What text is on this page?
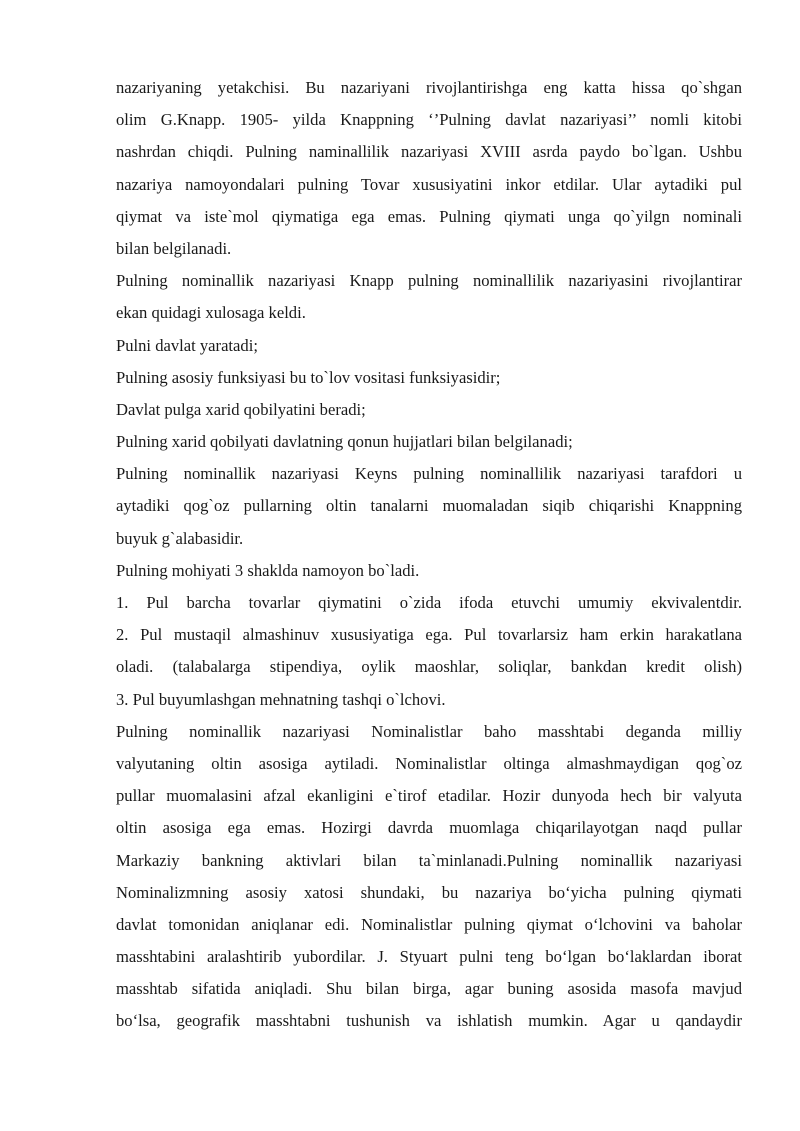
nazariyaning yetakchisi. Bu nazariyani rivojlantirishga eng katta hissa qo`shgan
olim G.Knapp. 1905- yilda Knappning ‘’Pulning davlat nazariyasi’’ nomli kitobi
nashrdan chiqdi. Pulning naminallilik nazariyasi XVIII asrda paydo bo`lgan. Ushbu
nazariya namoyondalari pulning Tovar xususiyatini inkor etdilar. Ular aytadiki pul
qiymat va iste`mol qiymatiga ega emas. Pulning qiymati unga qo`yilgn nominali
bilan belgilanadi.
Pulning nominallik nazariyasi Knapp pulning nominallilik nazariyasini rivojlantirar
ekan quidagi xulosaga keldi.
Pulni davlat yaratadi;
Pulning asosiy funksiyasi bu to`lov vositasi funksiyasidir;
Davlat pulga xarid qobilyatini beradi;
Pulning xarid qobilyati davlatning qonun hujjatlari bilan belgilanadi;
Pulning nominallik nazariyasi Keyns pulning nominallilik nazariyasi tarafdori u
aytadiki qog`oz pullarning oltin tanalarni muomaladan siqib chiqarishi Knappning
buyuk g`alabasidir.
Pulning mohiyati 3 shaklda namoyon bo`ladi.
1. Pul barcha tovarlar qiymatini o`zida ifoda etuvchi umumiy ekvivalentdir.
2. Pul mustaqil almashinuv xususiyatiga ega. Pul tovarlarsiz ham erkin harakatlana
oladi. (talabalarga stipendiya, oylik maoshlar, soliqlar, bankdan kredit olish)
3. Pul buyumlashgan mehnatning tashqi o`lchovi.
Pulning nominallik nazariyasi Nominalistlar baho masshtabi deganda milliy
valyutaning oltin asosiga aytiladi. Nominalistlar oltinga almashmaydigan qog`oz
pullar muomalasini afzal ekanligini e`tirof etadilar. Hozir dunyoda hech bir valyuta
oltin asosiga ega emas. Hozirgi davrda muomlaga chiqarilayotgan naqd pullar
Markaziy bankning aktivlari bilan ta`minlanadi.Pulning nominallik nazariyasi
Nominalizmning asosiy xatosi shundaki, bu nazariya bo‘yicha pulning qiymati
davlat tomonidan aniqlanar edi. Nominalistlar pulning qiymat o‘lchovini va baholar
masshtabini aralashtirib yubordilar. J. Styuart pulni teng bo‘lgan bo‘laklardan iborat
masshtab sifatida aniqladi. Shu bilan birga, agar buning asosida masofa mavjud
bo‘lsa, geografik masshtabni tushunish va ishlatish mumkin. Agar u qandaydir
